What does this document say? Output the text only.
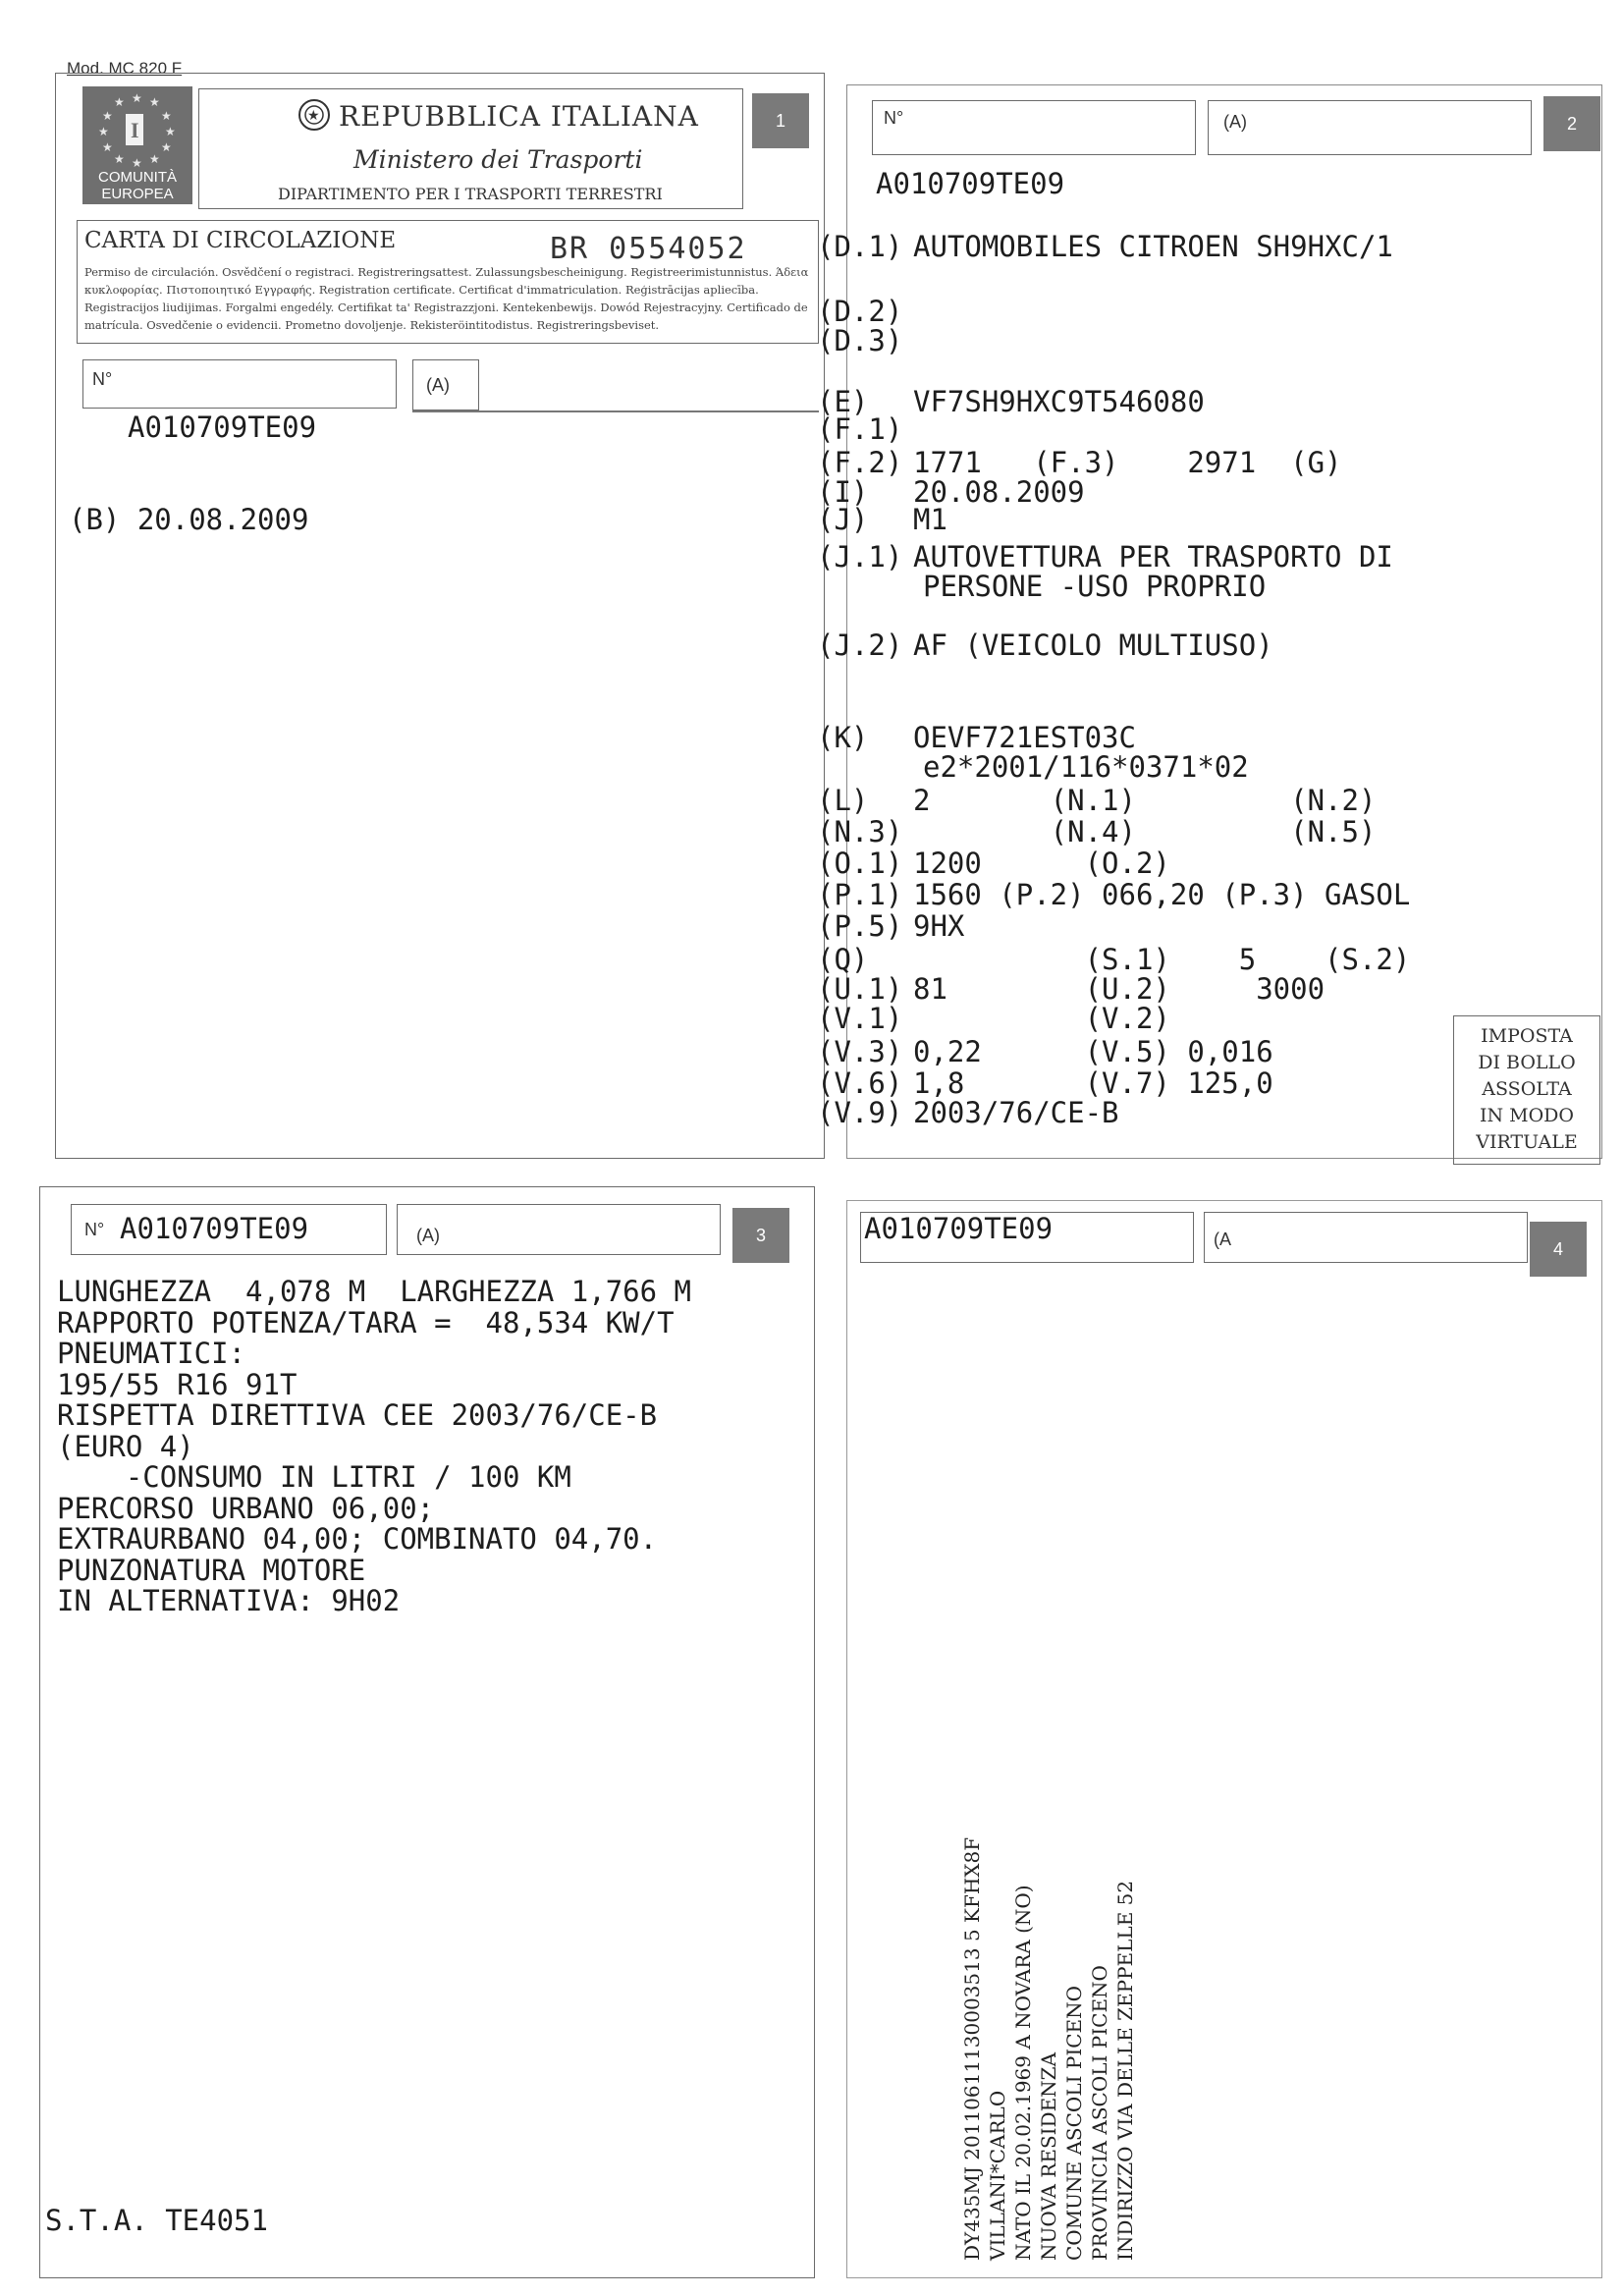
Mod. MC 820 F
★ ★
★
★
★
★
★
★
★
★
★ ★
I
COMUNITÀ
EUROPEA
★ REPUBBLICA ITALIANA
Ministero dei Trasporti
DIPARTIMENTO PER I TRASPORTI TERRESTRI
1
CARTA DI CIRCOLAZIONE	BR 0554052
Permiso de circulación. Osvědčení o registraci. Registreringsattest. Zulassungsbescheinigung. Registreerimistunnistus. Άδεια
κυκλοφορίας. Πιστοποιητικό Εγγραφής. Registration certificate. Certificat d'immatriculation. Reģistrācijas apliecība.
Registracijos liudijimas. Forgalmi engedély. Certifikat ta' Registrazzjoni. Kentekenbewijs. Dowód Rejestracyjny. Certificado de
matrícula. Osvedčenie o evidencii. Prometno dovoljenje. Rekisteröintitodistus. Registreringsbeviset.
N°	(A)
A010709TE09
(B) 20.08.2009
N°	(A)	2
A010709TE09
(D.1) AUTOMOBILES CITROEN SH9HXC/1
(D.2)
(D.3)
(E) VF7SH9HXC9T546080
(F.1)
(F.2) 1771   (F.3)    2971  (G)
(I) 20.08.2009
(J) M1
(J.1) AUTOVETTURA PER TRASPORTO DI
PERSONE -USO PROPRIO
(J.2) AF (VEICOLO MULTIUSO)
(K) OEVF721EST03C
e2*2001/116*0371*02
(L) 2       (N.1)         (N.2)
(N.3) (N.4)         (N.5)
(O.1) 1200      (O.2)
(P.1) 1560 (P.2) 066,20 (P.3) GASOL
(P.5) 9HX
(Q) (S.1)    5    (S.2)
(U.1) 81        (U.2)     3000
(V.1) (V.2)
(V.3) 0,22      (V.5) 0,016
(V.6) 1,8       (V.7) 125,0
(V.9) 2003/76/CE-B
IMPOSTA
DI BOLLO
ASSOLTA
IN MODO
VIRTUALE
N° A010709TE09	(A)	3
LUNGHEZZA  4,078 M  LARGHEZZA 1,766 M
RAPPORTO POTENZA/TARA =  48,534 KW/T
PNEUMATICI:
195/55 R16 91T
RISPETTA DIRETTIVA CEE 2003/76/CE-B
(EURO 4)
-CONSUMO IN LITRI / 100 KM
PERCORSO URBANO 06,00;
EXTRAURBANO 04,00; COMBINATO 04,70.
PUNZONATURA MOTORE
IN ALTERNATIVA: 9H02
S.T.A. TE4051
A010709TE09	(A	4
DY435MJ 20110611130003513 5 KFHX8F VILLANI*CARLO NATO IL 20.02.1969 A NOVARA (NO) NUOVA RESIDENZA COMUNE ASCOLI PICENO PROVINCIA ASCOLI PICENO INDIRIZZO VIA DELLE ZEPPELLE 52
